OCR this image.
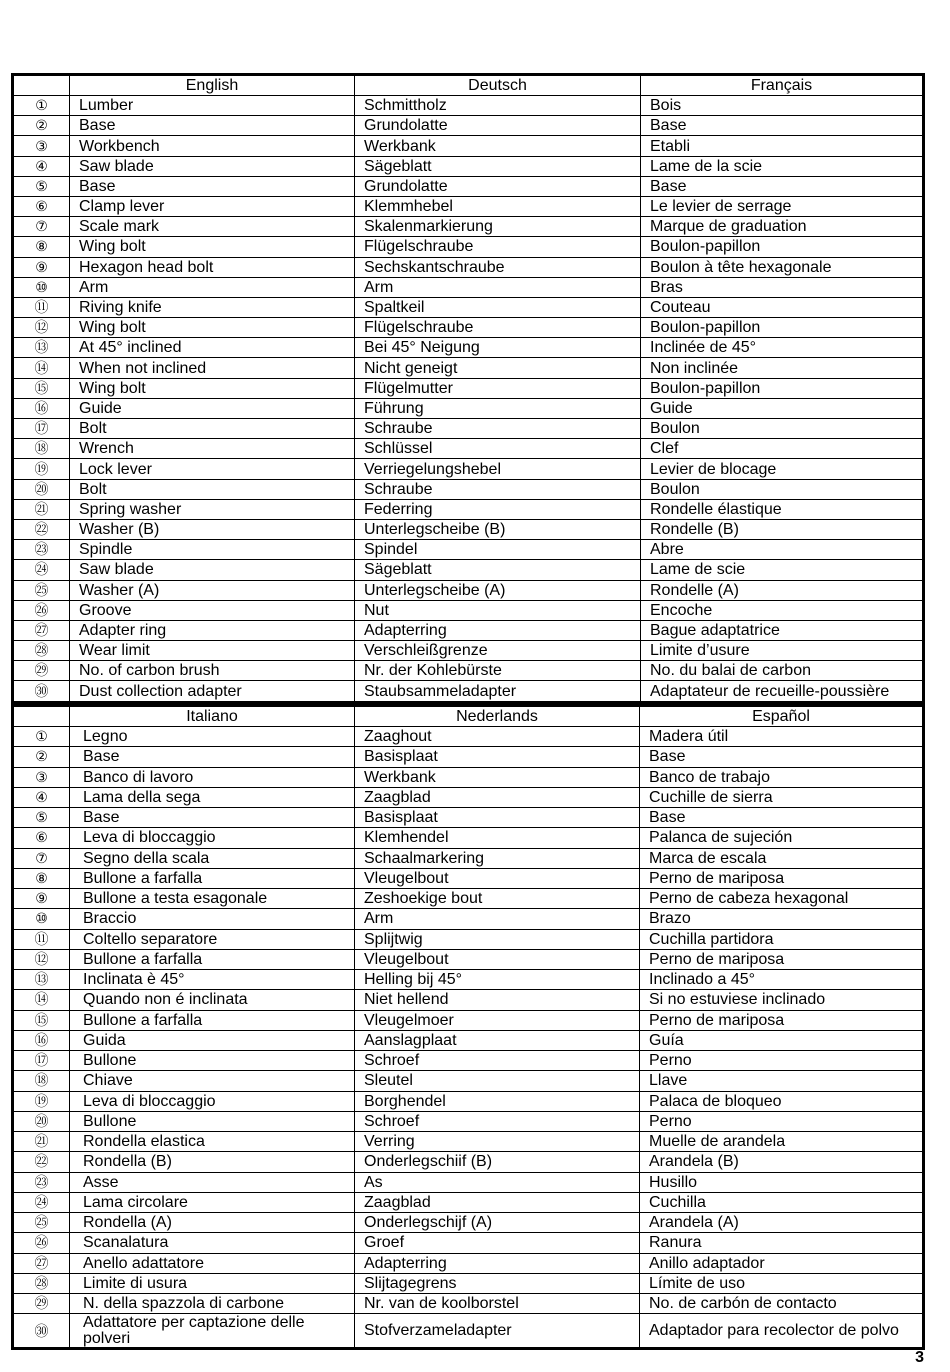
	English	Deutsch	Français
①	Lumber	Schmittholz	Bois
②	Base	Grundolatte	Base
③	Workbench	Werkbank	Etabli
④	Saw blade	Sägeblatt	Lame de la scie
⑤	Base	Grundolatte	Base
⑥	Clamp lever	Klemmhebel	Le levier de serrage
⑦	Scale mark	Skalenmarkierung	Marque de graduation
⑧	Wing bolt	Flügelschraube	Boulon-papillon
⑨	Hexagon head bolt	Sechskantschraube	Boulon à tête hexagonale
⑩	Arm	Arm	Bras
⑪	Riving knife	Spaltkeil	Couteau
⑫	Wing bolt	Flügelschraube	Boulon-papillon
⑬	At 45° inclined	Bei 45° Neigung	Inclinée de 45°
⑭	When not inclined	Nicht geneigt	Non inclinée
⑮	Wing bolt	Flügelmutter	Boulon-papillon
⑯	Guide	Führung	Guide
⑰	Bolt	Schraube	Boulon
⑱	Wrench	Schlüssel	Clef
⑲	Lock lever	Verriegelungshebel	Levier de blocage
⑳	Bolt	Schraube	Boulon
㉑	Spring washer	Federring	Rondelle élastique
㉒	Washer (B)	Unterlegscheibe (B)	Rondelle (B)
㉓	Spindle	Spindel	Abre
㉔	Saw blade	Sägeblatt	Lame de scie
㉕	Washer (A)	Unterlegscheibe (A)	Rondelle (A)
㉖	Groove	Nut	Encoche
㉗	Adapter ring	Adapterring	Bague adaptatrice
㉘	Wear limit	Verschleißgrenze	Limite d’usure
㉙	No. of carbon brush	Nr. der Kohlebürste	No. du balai de carbon
㉚	Dust collection adapter	Staubsammeladapter	Adaptateur de recueille-poussière
	Italiano	Nederlands	Español
①	Legno	Zaaghout	Madera útil
②	Base	Basisplaat	Base
③	Banco di lavoro	Werkbank	Banco de trabajo
④	Lama della sega	Zaagblad	Cuchille de sierra
⑤	Base	Basisplaat	Base
⑥	Leva di bloccaggio	Klemhendel	Palanca de sujeción
⑦	Segno della scala	Schaalmarkering	Marca de escala
⑧	Bullone a farfalla	Vleugelbout	Perno de mariposa
⑨	Bullone a testa esagonale	Zeshoekige bout	Perno de cabeza hexagonal
⑩	Braccio	Arm	Brazo
⑪	Coltello separatore	Splijtwig	Cuchilla partidora
⑫	Bullone a farfalla	Vleugelbout	Perno de mariposa
⑬	Inclinata è 45°	Helling bij 45°	Inclinado a 45°
⑭	Quando non é inclinata	Niet hellend	Si no estuviese inclinado
⑮	Bullone a farfalla	Vleugelmoer	Perno de mariposa
⑯	Guida	Aanslagplaat	Guía
⑰	Bullone	Schroef	Perno
⑱	Chiave	Sleutel	Llave
⑲	Leva di bloccaggio	Borghendel	Palaca de bloqueo
⑳	Bullone	Schroef	Perno
㉑	Rondella elastica	Verring	Muelle de arandela
㉒	Rondella (B)	Onderlegschiif (B)	Arandela (B)
㉓	Asse	As	Husillo
㉔	Lama circolare	Zaagblad	Cuchilla
㉕	Rondella (A)	Onderlegschijf (A)	Arandela (A)
㉖	Scanalatura	Groef	Ranura
㉗	Anello adattatore	Adapterring	Anillo adaptador
㉘	Limite di usura	Slijtagegrens	Límite de uso
㉙	N. della spazzola di carbone	Nr. van de koolborstel	No. de carbón de contacto
㉚	Adattatore per captazione delle polveri	Stofverzameladapter	Adaptador para recolector de polvo
3
